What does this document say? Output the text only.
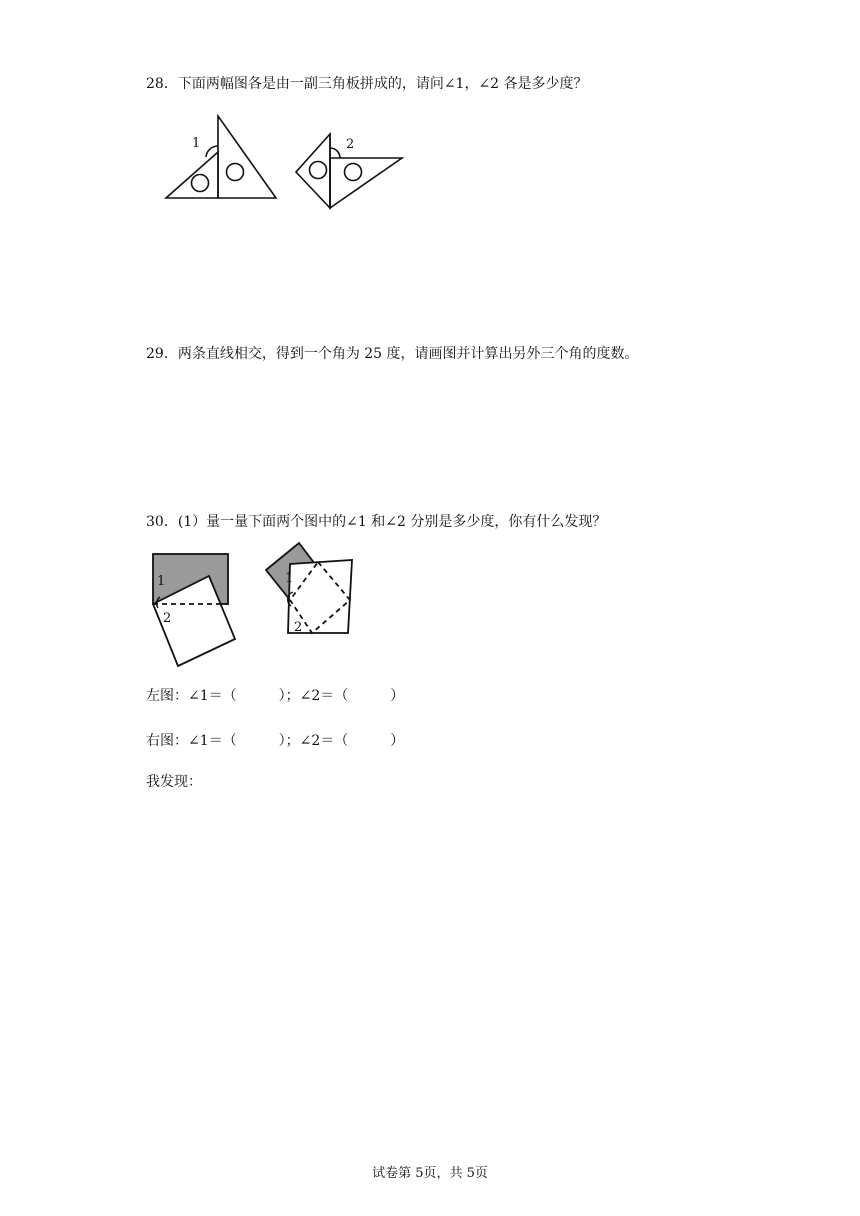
28．下面两幅图各是由一副三角板拼成的，请问∠1，∠2 各是多少度？
1	2
29．两条直线相交，得到一个角为 25 度，请画图并计算出另外三个角的度数。
30．(1）量一量下面两个图中的∠1 和∠2 分别是多少度，你有什么发现？
1
2
1
2
左图：∠1＝（　　　）；∠2＝（　　　）
右图：∠1＝（　　　）；∠2＝（　　　）
我发现：
试卷第 5页，共 5页
